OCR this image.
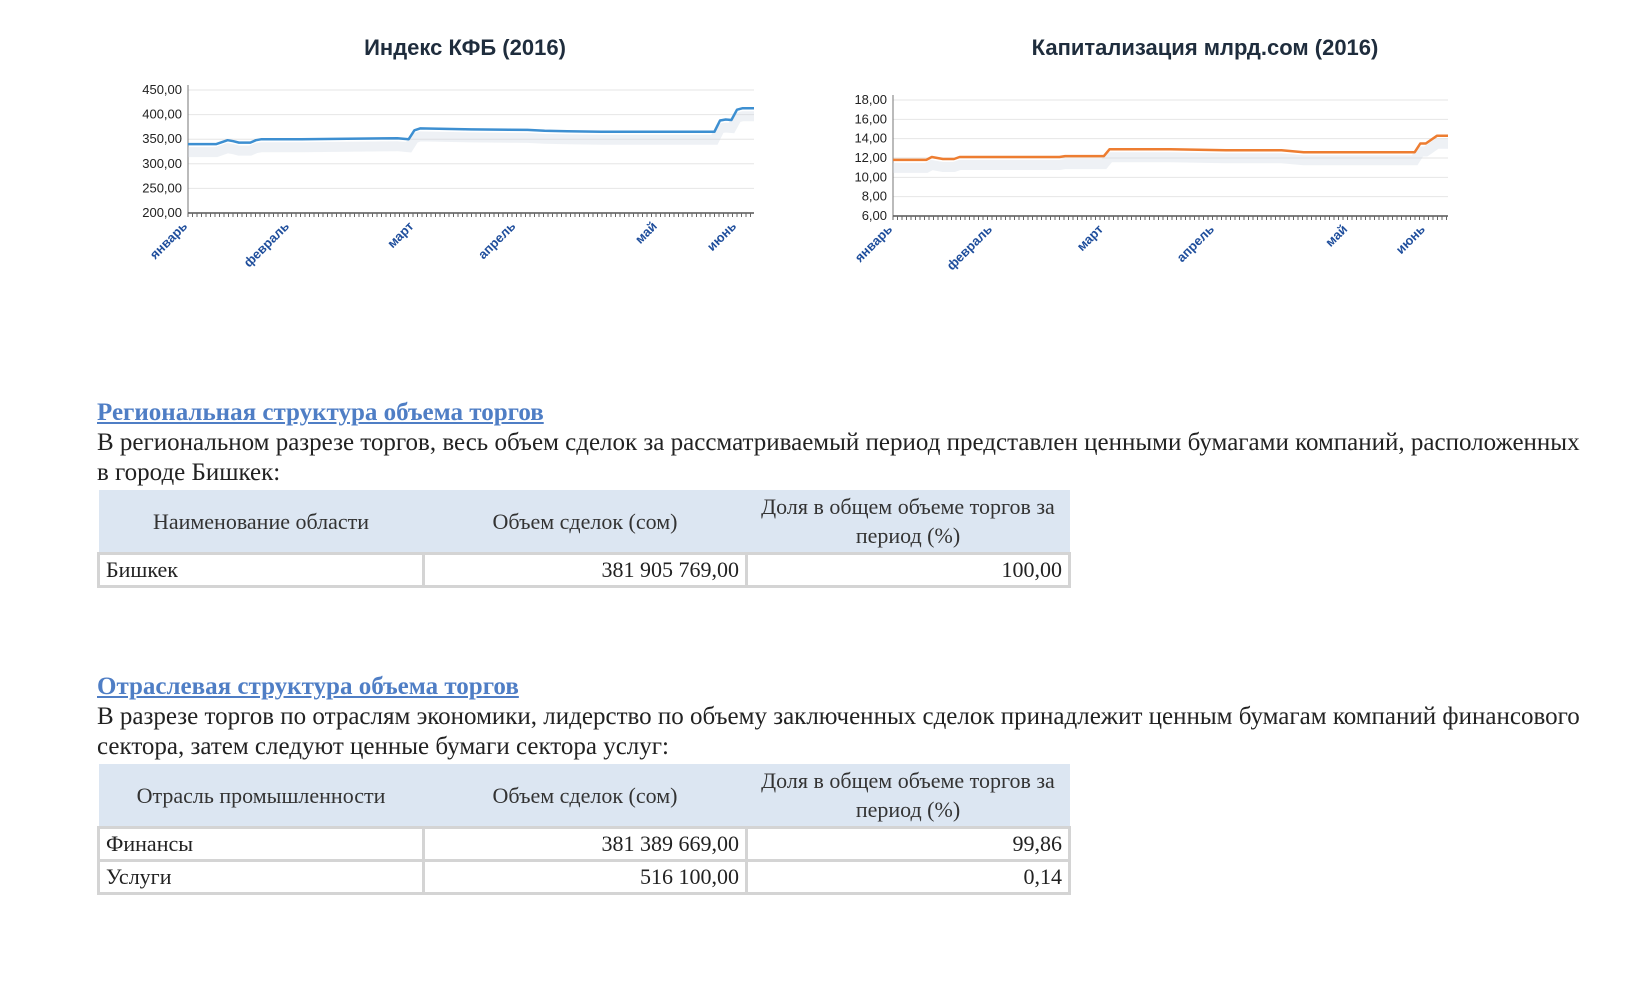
Индекс КФБ (2016)
450,00
400,00
350,00
300,00
250,00
200,00
январь	февраль	март	апрель	май	июнь
Капитализация млрд.сом (2016)
18,00
16,00
14,00
12,00
10,00
8,00
6,00
январь	февраль	март	апрель	май	июнь

Региональная структура объема торгов

В региональном разрезе торгов, весь объем сделок за рассматриваемый период представлен ценными бумагами компаний, расположенных в городе Бишкек:

Наименование области	Объем сделок (сом)	Доля в общем объеме торгов за период (%)
Бишкек	381 905 769,00	100,00

Отраслевая структура объема торгов

В разрезе торгов по отраслям экономики, лидерство по объему заключенных сделок принадлежит ценным бумагам компаний финансового сектора, затем следуют ценные бумаги сектора услуг:

Отрасль промышленности	Объем сделок (сом)	Доля в общем объеме торгов за период (%)
Финансы	381 389 669,00	99,86
Услуги	516 100,00	0,14
